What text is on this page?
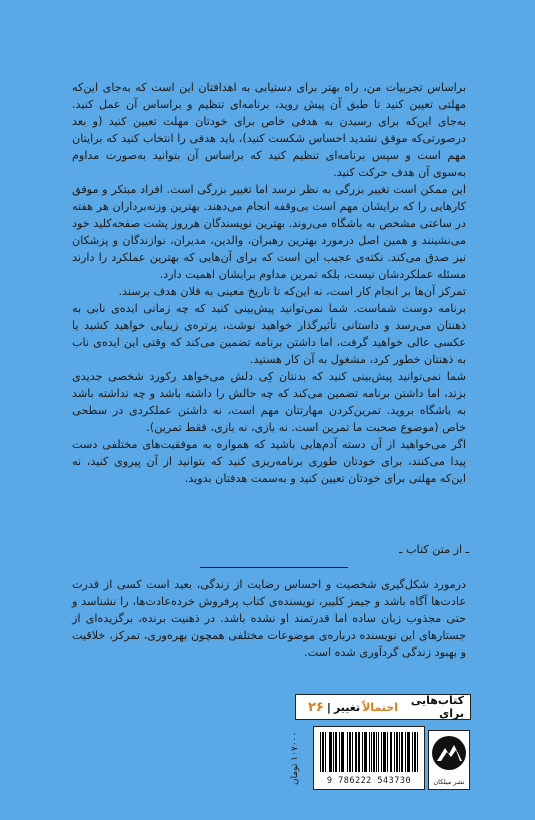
براساس تجربیات من، راه بهتر برای دستیابی به اهدافتان این است که به‌جای این‌که مهلتی تعیین کنید تا طبق آن پیش روید، برنامه‌ای تنظیم و براساس آن عمل کنید. به‌جای این‌که برای رسیدن به هدفی خاص برای خودتان مهلت تعیین کنید (و بعد درصورتی‌که موفق نشدید احساس شکست کنید)، باید هدفی را انتخاب کنید که برایتان مهم است و سپس برنامه‌ای تنظیم کنید که براساس آن بتوانید به‌صورت مداوم به‌سوی آن هدف حرکت کنید.

این ممکن است تغییر بزرگی به نظر نرسد اما تغییر بزرگی است. افراد مبتکر و موفق کارهایی را که برایشان مهم است بی‌وقفه انجام می‌دهند. بهترین وزنه‌برداران هر هفته در ساعتی مشخص به باشگاه می‌روند. بهترین نویسندگان هرروز پشت صفحه‌کلید خود می‌نشینند و همین اصل درمورد بهترین رهبران، والدین، مدیران، نوازندگان و پزشکان نیز صدق می‌کند. نکته‌ی عجیب این است که برای آن‌هایی که بهترین عملکرد را دارند مسئله عملکردشان نیست، بلکه تمرین مداوم برایشان اهمیت دارد.

تمرکز آن‌ها بر انجام کار است، نه این‌که تا تاریخ معینی به فلان هدف برسند.

برنامه دوست شماست. شما نمی‌توانید پیش‌بینی کنید که چه زمانی ایده‌ی نابی به ذهنتان می‌رسد و داستانی تأثیرگذار خواهید نوشت، پرتره‌ی زیبایی خواهید کشید یا عکسی عالی خواهید گرفت، اما داشتن برنامه تضمین می‌کند که وقتی این ایده‌ی ناب به ذهنتان خطور کرد، مشغول به آن کار هستید.

شما نمی‌توانید پیش‌بینی کنید که بدنتان کِی دلش می‌خواهد رکورد شخصی جدیدی بزند، اما داشتن برنامه تضمین می‌کند که چه حالش را داشته باشد و چه نداشته باشد به باشگاه بروید. تمرین‌کردن مهارتتان مهم است، نه داشتن عملکردی در سطحی خاص (موضوع صحبت ما تمرین است. نه بازی، نه بازی، فقط تمرین).

اگر می‌خواهید از آن دسته آدم‌هایی باشید که همواره به موفقیت‌های مختلفی دست پیدا می‌کنند، برای خودتان طوری برنامه‌ریزی کنید که بتوانید از آن پیروی کنید، نه این‌که مهلتی برای خودتان تعیین کنید و به‌سمت هدفتان بدوید.

ـ از متن کتاب ـ

درمورد شکل‌گیری شخصیت و احساس رضایت از زندگی، بعید است کسی از قدرت عادت‌ها آگاه باشد و جیمز کلییر، نویسنده‌ی کتاب پرفروش خرده‌عادت‌ها، را نشناسد و حتی مجذوب زبان ساده اما قدرتمند او نشده باشد. در ذهنیت برنده، برگزیده‌ای از جستارهای این نویسنده درباره‌ی موضوعات مختلفی همچون بهره‌وری، تمرکز، خلاقیت و بهبود زندگی گردآوری شده است.

کتاب‌هایی برای
احتمالاً
تغییر
|
۲۶
۱۰۷۰۰۰ تومان
9 786222 543730	نشر میلکان
